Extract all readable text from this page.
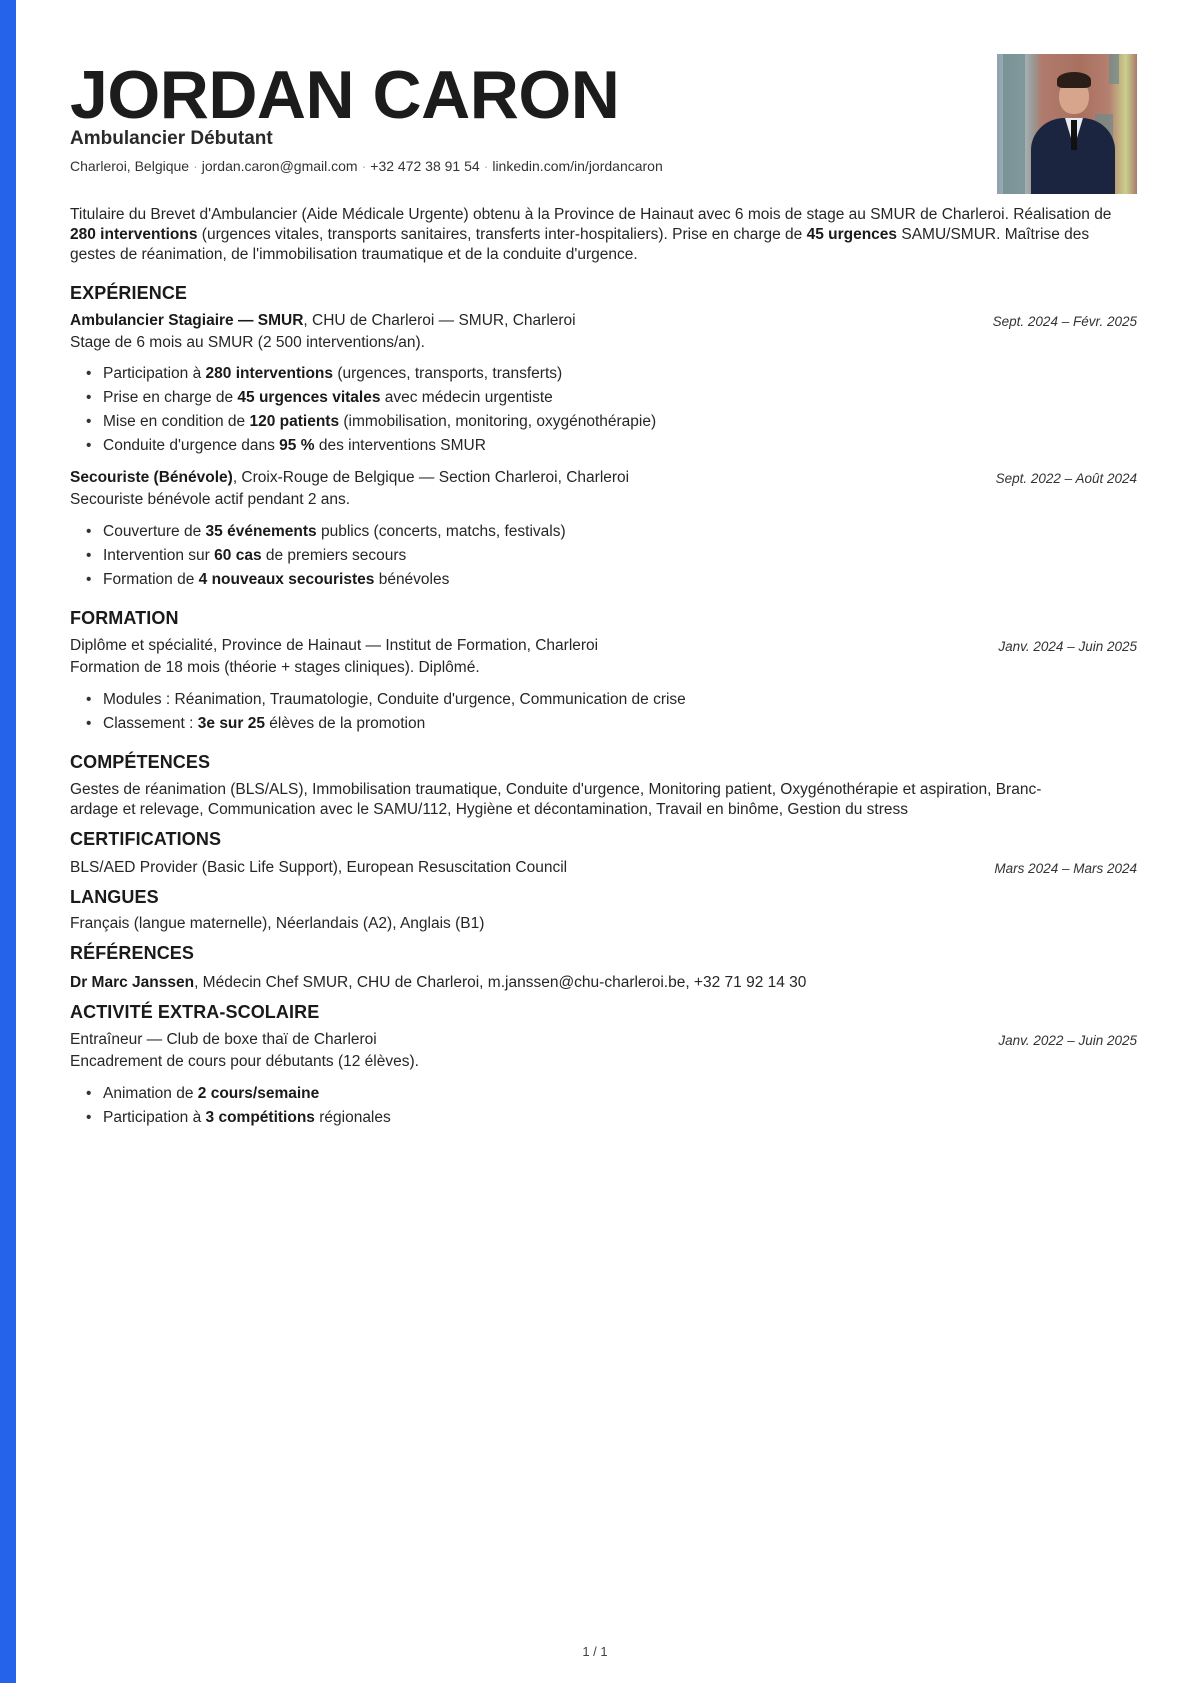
JORDAN CARON
Ambulancier Débutant
Charleroi, Belgique · jordan.caron@gmail.com · +32 472 38 91 54 · linkedin.com/in/jordancaron

Titulaire du Brevet d'Ambulancier (Aide Médicale Urgente) obtenu à la Province de Hainaut avec 6 mois de stage au SMUR de Charleroi. Réalisation de 280 interventions (urgences vitales, transports sanitaires, transferts inter-hospitaliers). Prise en charge de 45 urgences SAMU/SMUR. Maîtrise des gestes de réanimation, de l'immobilisation traumatique et de la conduite d'urgence.

EXPÉRIENCE
Ambulancier Stagiaire — SMUR, CHU de Charleroi — SMUR, Charleroi	Sept. 2024 – Févr. 2025
Stage de 6 mois au SMUR (2 500 interventions/an).
• Participation à 280 interventions (urgences, transports, transferts)
• Prise en charge de 45 urgences vitales avec médecin urgentiste
• Mise en condition de 120 patients (immobilisation, monitoring, oxygénothérapie)
• Conduite d'urgence dans 95 % des interventions SMUR
Secouriste (Bénévole), Croix-Rouge de Belgique — Section Charleroi, Charleroi	Sept. 2022 – Août 2024
Secouriste bénévole actif pendant 2 ans.
• Couverture de 35 événements publics (concerts, matchs, festivals)
• Intervention sur 60 cas de premiers secours
• Formation de 4 nouveaux secouristes bénévoles
FORMATION
Diplôme et spécialité, Province de Hainaut — Institut de Formation, Charleroi	Janv. 2024 – Juin 2025
Formation de 18 mois (théorie + stages cliniques). Diplômé.
• Modules : Réanimation, Traumatologie, Conduite d'urgence, Communication de crise
• Classement : 3e sur 25 élèves de la promotion
COMPÉTENCES
Gestes de réanimation (BLS/ALS), Immobilisation traumatique, Conduite d'urgence, Monitoring patient, Oxygénothérapie et aspiration, Branc-
ardage et relevage, Communication avec le SAMU/112, Hygiène et décontamination, Travail en binôme, Gestion du stress
CERTIFICATIONS
BLS/AED Provider (Basic Life Support), European Resuscitation Council	Mars 2024 – Mars 2024
LANGUES
Français (langue maternelle), Néerlandais (A2), Anglais (B1)
RÉFÉRENCES
Dr Marc Janssen, Médecin Chef SMUR, CHU de Charleroi, m.janssen@chu-charleroi.be, +32 71 92 14 30
ACTIVITÉ EXTRA-SCOLAIRE
Entraîneur — Club de boxe thaï de Charleroi	Janv. 2022 – Juin 2025
Encadrement de cours pour débutants (12 élèves).
• Animation de 2 cours/semaine
• Participation à 3 compétitions régionales
1 / 1
